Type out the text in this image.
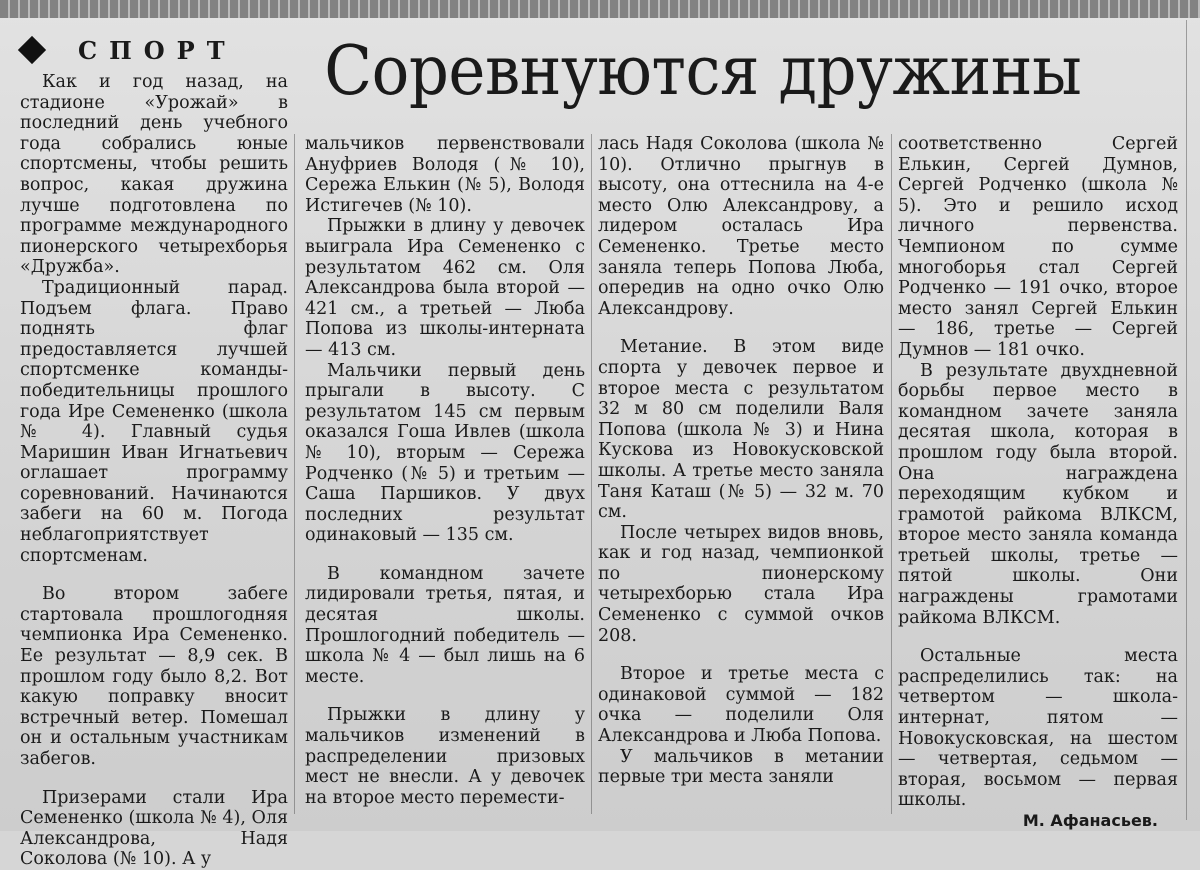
СПОРТ	Соревнуются дружины

Как и год назад, на стадионе «Урожай» в последний день учебного года собрались юные спортсмены, чтобы решить вопрос, какая дружина лучше подготовлена по программе международного пионерского четырехборья «Дружба».

Традиционный парад. Подъем флага. Право поднять флаг предоставляется лучшей спортсменке команды-победительницы прошлого года Ире Семененко (школа № 4). Главный судья Маришин Иван Игнатьевич оглашает программу соревнований. Начинаются забеги на 60 м. Погода неблагоприятствует спортсменам.

Во втором забеге стартовала прошлогодняя чемпионка Ира Семененко. Ее результат — 8,9 сек. В прошлом году было 8,2. Вот какую поправку вносит встречный ветер. Помешал он и остальным участникам забегов.

Призерами стали Ира Семененко (школа № 4), Оля Александрова, Надя Соколова (№ 10). А у

мальчиков первенствовали Ануфриев Володя (№ 10), Сережа Елькин (№ 5), Володя Истигечев (№ 10).

Прыжки в длину у девочек выиграла Ира Семененко с результатом 462 см. Оля Александрова была второй — 421 см., а третьей — Люба Попова из школы-интерната — 413 см.

Мальчики первый день прыгали в высоту. С результатом 145 см первым оказался Гоша Ивлев (школа № 10), вторым — Сережа Родченко (№ 5) и третьим — Саша Паршиков. У двух последних результат одинаковый — 135 см.

В командном зачете лидировали третья, пятая, и десятая школы. Прошлогодний победитель — школа № 4 — был лишь на 6 месте.

Прыжки в длину у мальчиков изменений в распределении призовых мест не внесли. А у девочек на второе место перемести-

лась Надя Соколова (школа № 10). Отлично прыгнув в высоту, она оттеснила на 4-е место Олю Александрову, а лидером осталась Ира Семененко. Третье место заняла теперь Попова Люба, опередив на одно очко Олю Александрову.

Метание. В этом виде спорта у девочек первое и второе места с результатом 32 м 80 см поделили Валя Попова (школа № 3) и Нина Кускова из Новокусковской школы. А третье место заняла Таня Каташ (№ 5) — 32 м. 70 см.

После четырех видов вновь, как и год назад, чемпионкой по пионерскому четырехборью стала Ира Семененко с суммой очков 208.

Второе и третье места с одинаковой суммой — 182 очка — поделили Оля Александрова и Люба Попова.

У мальчиков в метании первые три места заняли

соответственно Сергей Елькин, Сергей Думнов, Сергей Родченко (школа № 5). Это и решило исход личного первенства. Чемпионом по сумме многоборья стал Сергей Родченко — 191 очко, второе место занял Сергей Елькин — 186, третье — Сергей Думнов — 181 очко.

В результате двухдневной борьбы первое место в командном зачете заняла десятая школа, которая в прошлом году была второй. Она награждена переходящим кубком и грамотой райкома ВЛКСМ, второе место заняла команда третьей школы, третье — пятой школы. Они награждены грамотами райкома ВЛКСМ.

Остальные места распределились так: на четвертом — школа-интернат, пятом — Новокусковская, на шестом — четвертая, седьмом — вторая, восьмом — первая школы.

М. Афанасьев.
